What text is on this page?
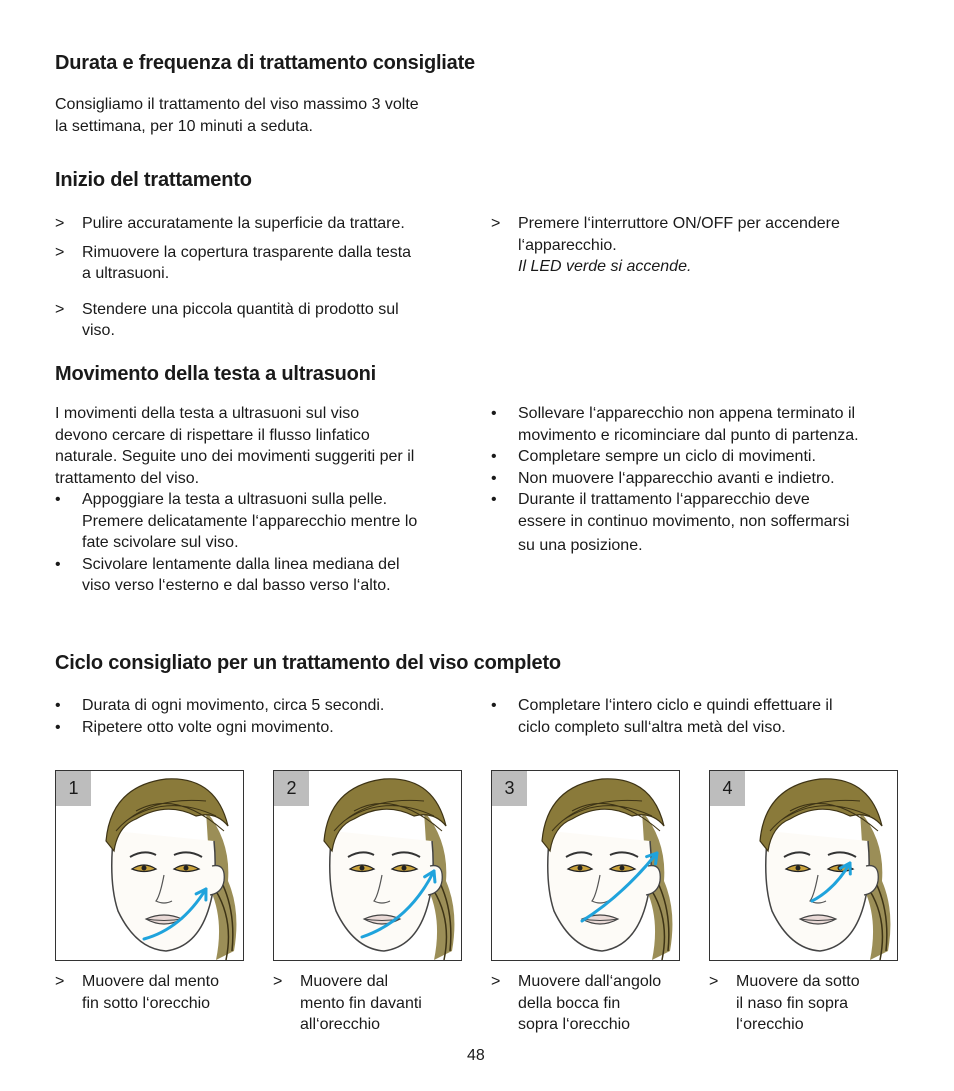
Durata e frequenza di trattamento consigliate

Consigliamo il trattamento del viso massimo 3 volte
la settimana, per 10 minuti a seduta.

Inizio del trattamento
>	Pulire accuratamente la superficie da trattare.
>	Rimuovere la copertura trasparente dalla testa
a ultrasuoni.
>	Stendere una piccola quantità di prodotto sul
viso.
>	Premere l‘interruttore ON/OFF per accendere
l‘apparecchio.
Il LED verde si accende.
Movimento della testa a ultrasuoni

I movimenti della testa a ultrasuoni sul viso
devono cercare di rispettare il flusso linfatico
naturale. Seguite uno dei movimenti suggeriti per il
trattamento del viso.

•	Appoggiare la testa a ultrasuoni sulla pelle.
Premere delicatamente l‘apparecchio mentre lo
fate scivolare sul viso.
•	Scivolare lentamente dalla linea mediana del
viso verso l‘esterno e dal basso verso l‘alto.
•	Sollevare l‘apparecchio non appena terminato il
movimento e ricominciare dal punto di partenza.
•	Completare sempre un ciclo di movimenti.
•	Non muovere l‘apparecchio avanti e indietro.
•	Durante il trattamento l‘apparecchio deve
essere in continuo movimento, non soffermarsi
su una posizione.
Ciclo consigliato per un trattamento del viso completo
•	Durata di ogni movimento, circa 5 secondi.
•	Ripetere otto volte ogni movimento.
•	Completare l‘intero ciclo e quindi effettuare il
ciclo completo sull‘altra metà del viso.
1	2	3	4
> Muovere dal mento
fin sotto l‘orecchio
> Muovere dal
mento fin davanti
all‘orecchio
> Muovere dall‘angolo
della bocca fin
sopra l‘orecchio
> Muovere da sotto
il naso fin sopra
l‘orecchio
48
